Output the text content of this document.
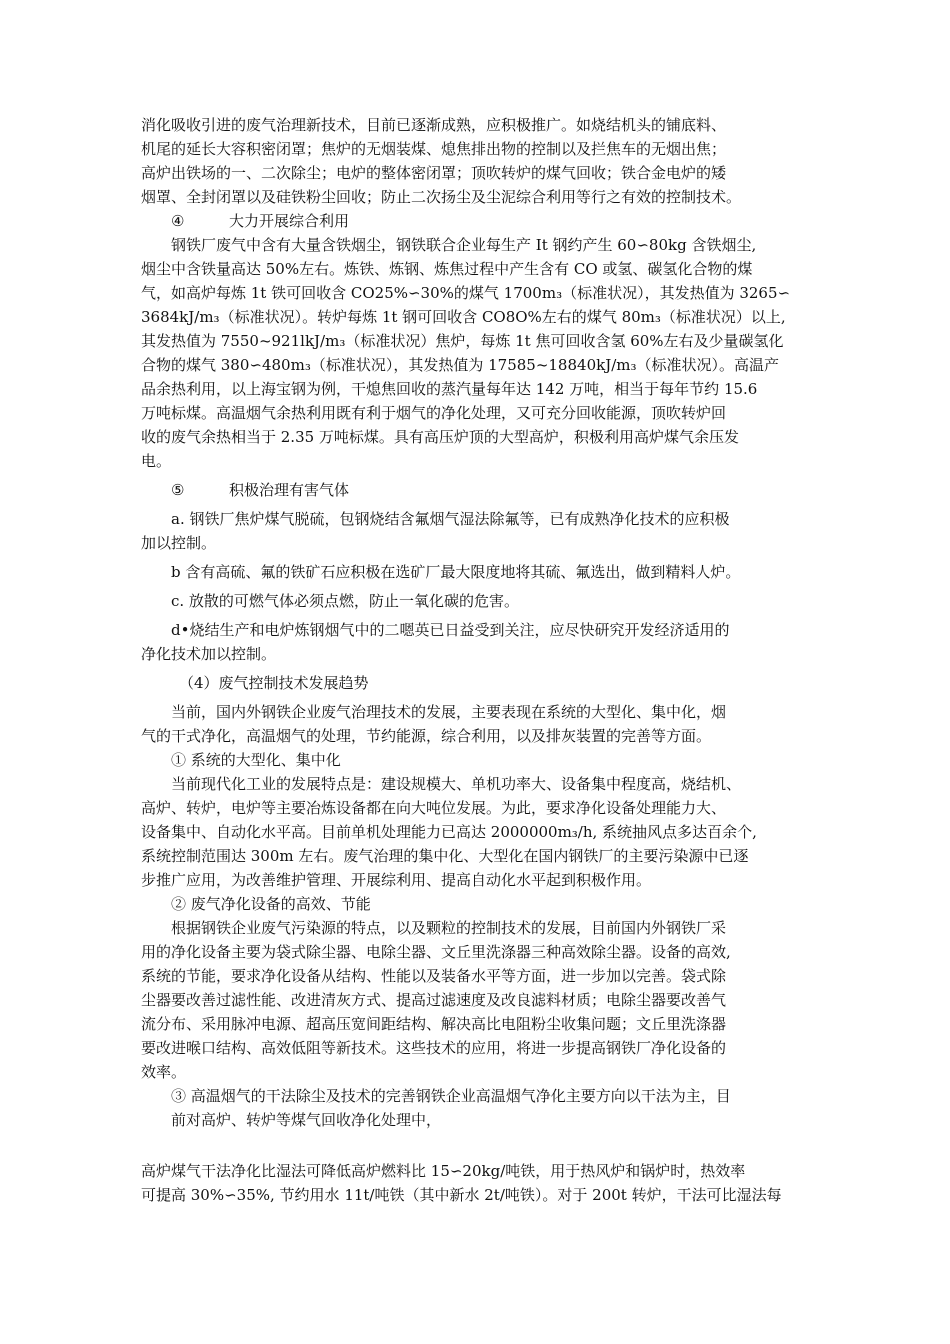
消化吸收引进的废气治理新技术，目前已逐渐成熟，应积极推广。如烧结机头的铺底料、
机尾的延长大容积密闭罩；焦炉的无烟装煤、熄焦排出物的控制以及拦焦车的无烟出焦；
高炉出铁场的一、二次除尘；电炉的整体密闭罩；顶吹转炉的煤气回收；铁合金电炉的矮
烟罩、全封闭罩以及硅铁粉尘回收；防止二次扬尘及尘泥综合利用等行之有效的控制技术。
④	大力开展综合利用
钢铁厂废气中含有大量含铁烟尘，钢铁联合企业每生产 It 钢约产生 60∽80kg 含铁烟尘,
烟尘中含铁量高达 50%左右。炼铁、炼钢、炼焦过程中产生含有 CO 或氢、碳氢化合物的煤
气，如高炉每炼 1t 铁可回收含 CO25%∽30%的煤气 1700m₃（标准状况），其发热值为 3265∽
3684kJ/m₃（标准状况）。转炉每炼 1t 钢可回收含 CO8O%左右的煤气 80m₃（标准状况）以上,
其发热值为 7550~921lkJ/m₃（标准状况）焦炉，每炼 1t 焦可回收含氢 60%左右及少量碳氢化
合物的煤气 380∽480m₃（标准状况），其发热值为 17585~18840kJ/m₃（标准状况）。高温产
品余热利用，以上海宝钢为例，干熄焦回收的蒸汽量每年达 142 万吨，相当于每年节约 15.6
万吨标煤。高温烟气余热利用既有利于烟气的净化处理，又可充分回收能源，顶吹转炉回
收的废气余热相当于 2.35 万吨标煤。具有高压炉顶的大型高炉，积极利用高炉煤气余压发
电。
⑤	积极治理有害气体
a. 钢铁厂焦炉煤气脱硫，包钢烧结含氟烟气湿法除氟等，已有成熟净化技术的应积极
加以控制。
b 含有高硫、氟的铁矿石应积极在选矿厂最大限度地将其硫、氟选出，做到精料人炉。
c. 放散的可燃气体必须点燃，防止一氧化碳的危害。
d•烧结生产和电炉炼钢烟气中的二嗯英已日益受到关注，应尽快研究开发经济适用的
净化技术加以控制。
（4）废气控制技术发展趋势
当前，国内外钢铁企业废气治理技术的发展，主要表现在系统的大型化、集中化，烟
气的干式净化，高温烟气的处理，节约能源，综合利用，以及排灰装置的完善等方面。
① 系统的大型化、集中化
当前现代化工业的发展特点是：建设规模大、单机功率大、设备集中程度高，烧结机、
高炉、转炉，电炉等主要冶炼设备都在向大吨位发展。为此，要求净化设备处理能力大、
设备集中、自动化水平高。目前单机处理能力已高达 2000000m₃/h, 系统抽风点多达百余个,
系统控制范围达 300m 左右。废气治理的集中化、大型化在国内钢铁厂的主要污染源中已逐
步推广应用，为改善维护管理、开展综利用、提高自动化水平起到积极作用。
② 废气净化设备的高效、节能
根据钢铁企业废气污染源的特点，以及颗粒的控制技术的发展，目前国内外钢铁厂采
用的净化设备主要为袋式除尘器、电除尘器、文丘里洗涤器三种高效除尘器。设备的高效,
系统的节能，要求净化设备从结构、性能以及装备水平等方面，进一步加以完善。袋式除
尘器要改善过滤性能、改进清灰方式、提高过滤速度及改良滤料材质；电除尘器要改善气
流分布、采用脉冲电源、超高压宽间距结构、解决高比电阻粉尘收集问题；文丘里洗涤器
要改进喉口结构、高效低阻等新技术。这些技术的应用，将进一步提高钢铁厂净化设备的
效率。
③ 高温烟气的干法除尘及技术的完善钢铁企业高温烟气净化主要方向以干法为主，目
前对高炉、转炉等煤气回收净化处理中，
高炉煤气干法净化比湿法可降低高炉燃料比 15∽20kg/吨铁，用于热风炉和锅炉时，热效率
可提高 30%∽35%, 节约用水 11t/吨铁（其中新水 2t/吨铁）。对于 200t 转炉，干法可比湿法每
